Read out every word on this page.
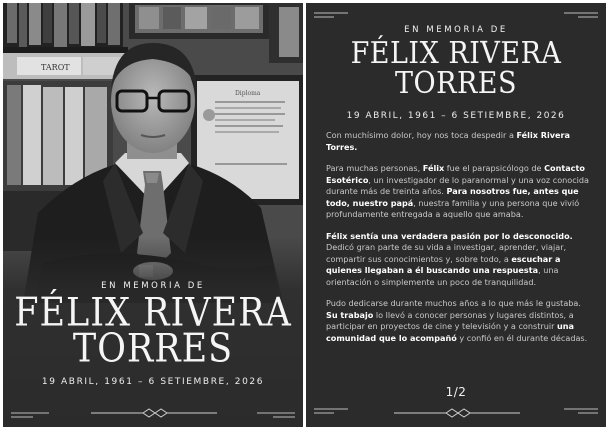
EN MEMORIA DE
FÉLIX RIVERA
TORRES
19 ABRIL, 1961 – 6 SETIEMBRE, 2026
EN MEMORIA DE
FÉLIX RIVERA
TORRES
19 ABRIL, 1961 – 6 SETIEMBRE, 2026

Con muchísimo dolor, hoy nos toca despedir a Félix Rivera Torres.

Para muchas personas, Félix fue el parapsicólogo de Contacto Esotérico, un investigador de lo paranormal y una voz conocida durante más de treinta años. Para nosotros fue, antes que todo, nuestro papá, nuestra familia y una persona que vivió profundamente entregada a aquello que amaba.

Félix sentía una verdadera pasión por lo desconocido. Dedicó gran parte de su vida a investigar, aprender, viajar, compartir sus conocimientos y, sobre todo, a escuchar a quienes llegaban a él buscando una respuesta, una orientación o simplemente un poco de tranquilidad.

Pudo dedicarse durante muchos años a lo que más le gustaba. Su trabajo lo llevó a conocer personas y lugares distintos, a participar en proyectos de cine y televisión y a construir una comunidad que lo acompañó y confió en él durante décadas.

1/2
